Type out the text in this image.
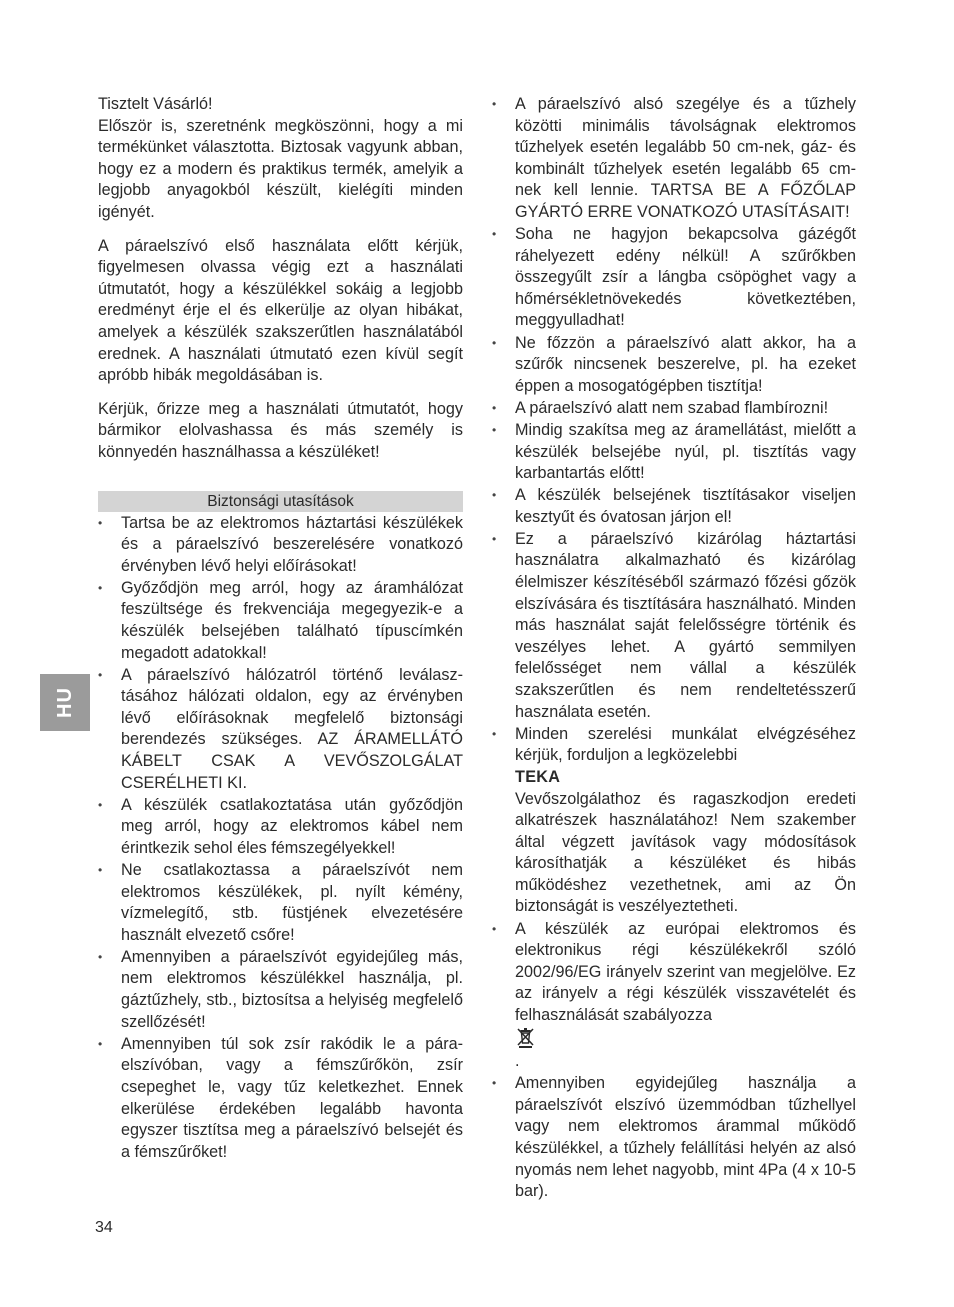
HU

Tisztelt Vásárló!

Először is, szeretnénk megköszönni, hogy a mi termékünket választotta. Biztosak vagyunk abban, hogy ez a modern és praktikus termék, amelyik a legjobb anyagokból készült, kielégíti minden igényét.

A páraelszívó első használata előtt kérjük, figyelmesen olvassa végig ezt a használati útmutatót, hogy a készülékkel sokáig a legjobb eredményt érje el és elkerülje az olyan hibákat, amelyek a készülék szakszerűtlen használatából erednek. A használati útmutató ezen kívül segít apróbb hibák megoldásában is.

Kérjük, őrizze meg a használati útmutatót, hogy bármikor elolvashassa és más személy is könnyedén használhassa a készüléket!

Biztonsági utasítások
• Tartsa be az elektromos háztartási készülékek és a páraelszívó beszerelésére vonatkozó érvényben lévő helyi előírásokat!
• Győződjön meg arról, hogy az áramhálózat feszültsége és frekvenciája megegyezik-e a készülék belsejében található típuscímkén megadott adatokkal!
• A páraelszívó hálózatról történő leválasztásához hálózati oldalon, egy az érvényben lévő előírásoknak megfelelő biztonsági berendezés szükséges. AZ ÁRAMELLÁTÓ KÁBELT CSAK A VEVŐSZOLGÁLAT CSERÉLHETI KI.
• A készülék csatlakoztatása után győződjön meg arról, hogy az elektromos kábel nem érintkezik sehol éles fémszegélyekkel!
• Ne csatlakoztassa a páraelszívót nem elektromos készülékek, pl. nyílt kémény, vízmelegítő, stb. füstjének elvezetésére használt elvezető csőre!
• Amennyiben a páraelszívót egyidejűleg más, nem elektromos készülékkel használja, pl. gáztűzhely, stb., biztosítsa a helyiség megfelelő szellőzését!
• Amennyiben túl sok zsír rakódik le a páraelszívóban, vagy a fémszűrőkön, zsír csepeghet le, vagy tűz keletkezhet. Ennek elkerülése érdekében legalább havonta egyszer tisztítsa meg a páraelszívó belsejét és a fémszűrőket!
• A páraelszívó alsó szegélye és a tűzhely közötti minimális távolságnak elektromos tűzhelyek esetén legalább 50 cm-nek, gáz- és kombinált tűzhelyek esetén legalább 65 cm-nek kell lennie. TARTSA BE A FŐZŐLAP GYÁRTÓ ERRE VONATKOZÓ UTASÍTÁSAIT!
• Soha ne hagyjon bekapcsolva gázégőt ráhelyezett edény nélkül! A szűrőkben összegyűlt zsír a lángba csöpöghet vagy a hőmérsékletnövekedés következtében, meggyulladhat!
• Ne főzzön a páraelszívó alatt akkor, ha a szűrők nincsenek beszerelve, pl. ha ezeket éppen a mosogatógépben tisztítja!
• A páraelszívó alatt nem szabad flambírozni!
• Mindig szakítsa meg az áramellátást, mielőtt a készülék belsejébe nyúl, pl. tisztítás vagy karbantartás előtt!
• A készülék belsejének tisztításakor viseljen kesztyűt és óvatosan járjon el!
• Ez a páraelszívó kizárólag háztartási használatra alkalmazható és kizárólag élelmiszer készítéséből származó főzési gőzök elszívására és tisztítására használható. Minden más használat saját felelősségre történik és veszélyes lehet. A gyártó semmilyen felelősséget nem vállal a készülék szakszerűtlen és nem rendeltetésszerű használata esetén.
• Minden szerelési munkálat elvégzéséhez kérjük, forduljon a legközelebbi
TEKA
Vevőszolgálathoz és ragaszkodjon eredeti alkatrészek használatához! Nem szakember által végzett javítások vagy módosítások károsíthatják a készüléket és hibás működéshez vezethetnek, ami az Ön biztonságát is veszélyeztetheti.
• A készülék az európai elektromos és elektronikus régi készülékekről szóló 2002/96/EG irányelv szerint van megjelölve. Ez az irányelv a régi készülék visszavételét és felhasználását szabályozza
.
• Amennyiben egyidejűleg használja a páraelszívót elszívó üzemmódban tűzhellyel vagy nem elektromos árammal működő készülékkel, a tűzhely felállítási helyén az alsó nyomás nem lehet nagyobb, mint 4Pa (4 x 10-5 bar).
34
